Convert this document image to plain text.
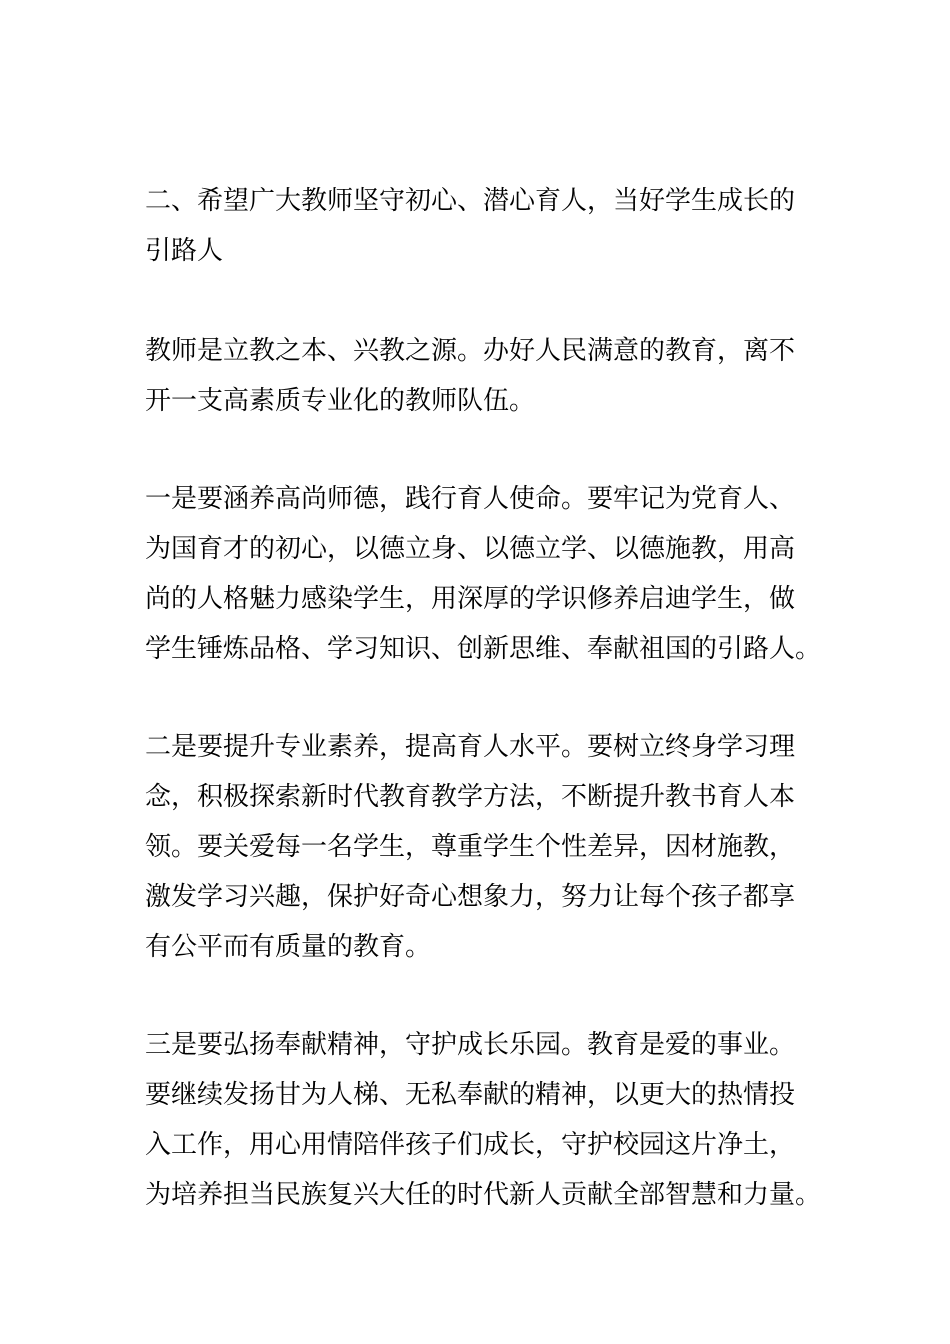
二、希望广大教师坚守初心、潜心育人，当好学生成长的
引路人
教师是立教之本、兴教之源。办好人民满意的教育，离不
开一支高素质专业化的教师队伍。
一是要涵养高尚师德，践行育人使命。要牢记为党育人、
为国育才的初心，以德立身、以德立学、以德施教，用高
尚的人格魅力感染学生，用深厚的学识修养启迪学生，做
学生锤炼品格、学习知识、创新思维、奉献祖国的引路人。
二是要提升专业素养，提高育人水平。要树立终身学习理
念，积极探索新时代教育教学方法，不断提升教书育人本
领。要关爱每一名学生，尊重学生个性差异，因材施教，
激发学习兴趣，保护好奇心想象力，努力让每个孩子都享
有公平而有质量的教育。
三是要弘扬奉献精神，守护成长乐园。教育是爱的事业。
要继续发扬甘为人梯、无私奉献的精神，以更大的热情投
入工作，用心用情陪伴孩子们成长，守护校园这片净土，
为培养担当民族复兴大任的时代新人贡献全部智慧和力量。
